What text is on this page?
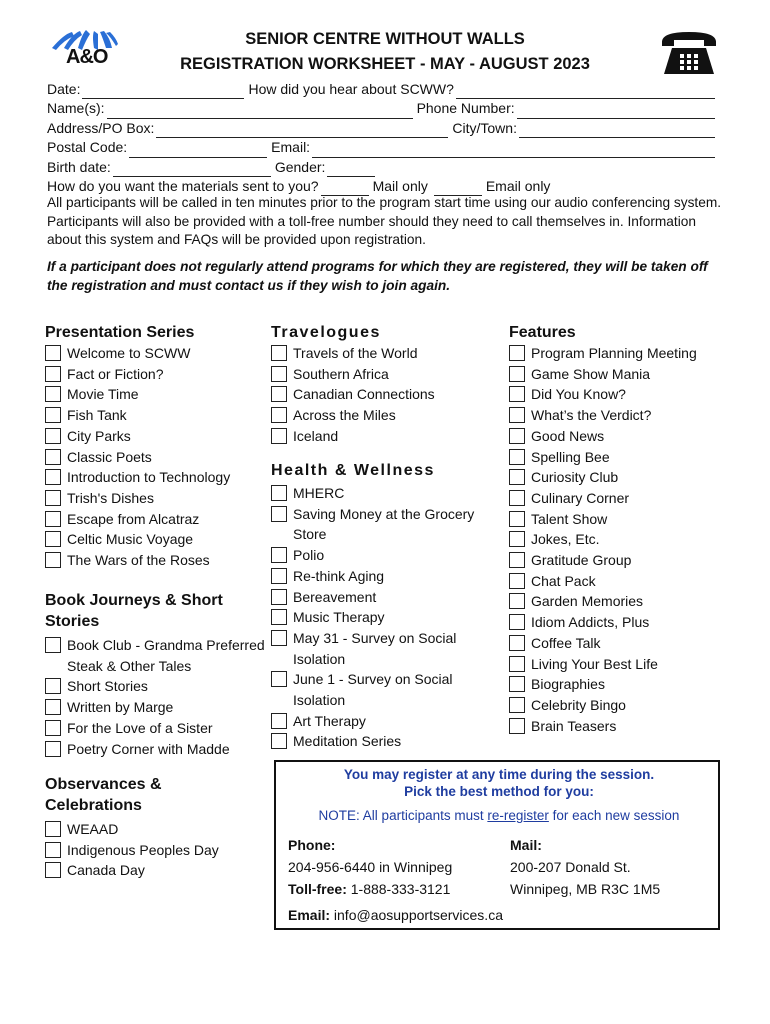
A&O
SENIOR CENTRE WITHOUT WALLS
REGISTRATION WORKSHEET - MAY - AUGUST 2023
Date:	How did you hear about SCWW?
Name(s):	Phone Number:
Address/PO Box:	City/Town:
Postal Code:	Email:
Birth date:	Gender:
How do you want the materials sent to you?	Mail only	Email only
All participants will be called in ten minutes prior to the program start time using our audio conferencing system. Participants will also be provided with a toll-free number should they need to call themselves in. Information about this system and FAQs will be provided upon registration.
If a participant does not regularly attend programs for which they are registered, they will be taken off the registration and must contact us if they wish to join again.
Presentation Series
Welcome to SCWW
Fact or Fiction?
Movie Time
Fish Tank
City Parks
Classic Poets
Introduction to Technology
Trish's Dishes
Escape from Alcatraz
Celtic Music Voyage
The Wars of the Roses
Book Journeys & Short
Stories
Book Club - Grandma Preferred Steak & Other Tales
Short Stories
Written by Marge
For the Love of a Sister
Poetry Corner with Madde
Observances &
Celebrations
WEAAD
Indigenous Peoples Day
Canada Day
Travelogues
Travels of the World
Southern Africa
Canadian Connections
Across the Miles
Iceland
Health & Wellness
MHERC
Saving Money at the Grocery Store
Polio
Re-think Aging
Bereavement
Music Therapy
May 31 - Survey on Social Isolation
June 1 - Survey on Social Isolation
Art Therapy
Meditation Series
Features
Program Planning Meeting
Game Show Mania
Did You Know?
What’s the Verdict?
Good News
Spelling Bee
Curiosity Club
Culinary Corner
Talent Show
Jokes, Etc.
Gratitude Group
Chat Pack
Garden Memories
Idiom Addicts, Plus
Coffee Talk
Living Your Best Life
Biographies
Celebrity Bingo
Brain Teasers
You may register at any time during the session.
Pick the best method for you:
NOTE: All participants must re-register for each new session
Phone:
204-956-6440 in Winnipeg
Toll-free: 1-888-333-3121
Mail:
200-207 Donald St.
Winnipeg, MB R3C 1M5
Email: info@aosupportservices.ca
